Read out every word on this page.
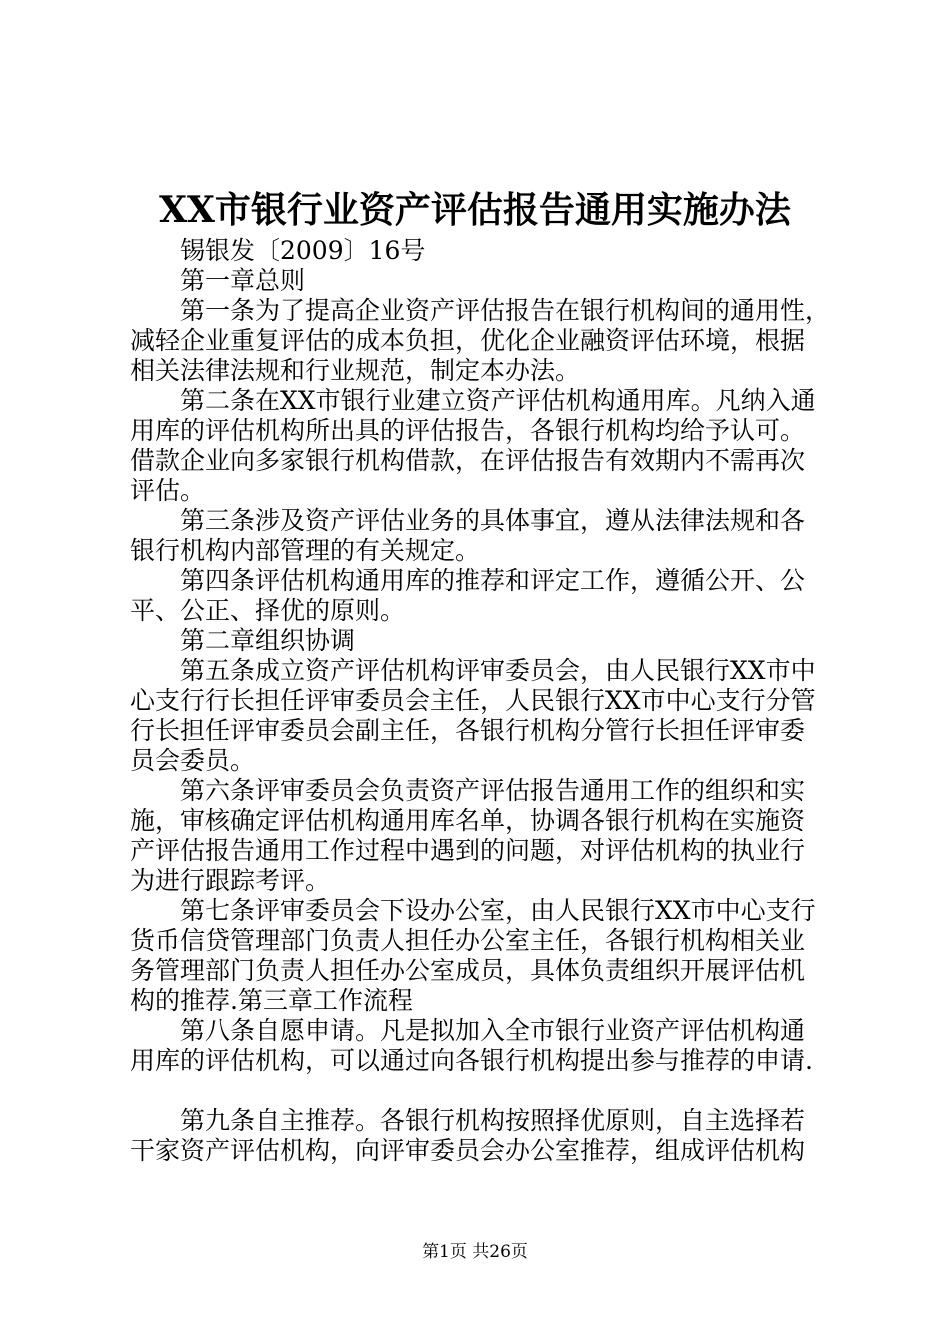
XX市银行业资产评估报告通用实施办法
锡银发〔2009〕16号
第一章总则
第一条为了提高企业资产评估报告在银行机构间的通用性，
减轻企业重复评估的成本负担，优化企业融资评估环境，根据
相关法律法规和行业规范，制定本办法。
第二条在XX市银行业建立资产评估机构通用库。凡纳入通
用库的评估机构所出具的评估报告，各银行机构均给予认可。
借款企业向多家银行机构借款，在评估报告有效期内不需再次
评估。
第三条涉及资产评估业务的具体事宜，遵从法律法规和各
银行机构内部管理的有关规定。
第四条评估机构通用库的推荐和评定工作，遵循公开、公
平、公正、择优的原则。
第二章组织协调
第五条成立资产评估机构评审委员会，由人民银行XX市中
心支行行长担任评审委员会主任，人民银行XX市中心支行分管
行长担任评审委员会副主任，各银行机构分管行长担任评审委
员会委员。
第六条评审委员会负责资产评估报告通用工作的组织和实
施，审核确定评估机构通用库名单，协调各银行机构在实施资
产评估报告通用工作过程中遇到的问题，对评估机构的执业行
为进行跟踪考评。
第七条评审委员会下设办公室，由人民银行XX市中心支行
货币信贷管理部门负责人担任办公室主任，各银行机构相关业
务管理部门负责人担任办公室成员，具体负责组织开展评估机
构的推荐.第三章工作流程
第八条自愿申请。凡是拟加入全市银行业资产评估机构通
用库的评估机构，可以通过向各银行机构提出参与推荐的申请.
第九条自主推荐。各银行机构按照择优原则，自主选择若
干家资产评估机构，向评审委员会办公室推荐，组成评估机构
第1页 共26页
